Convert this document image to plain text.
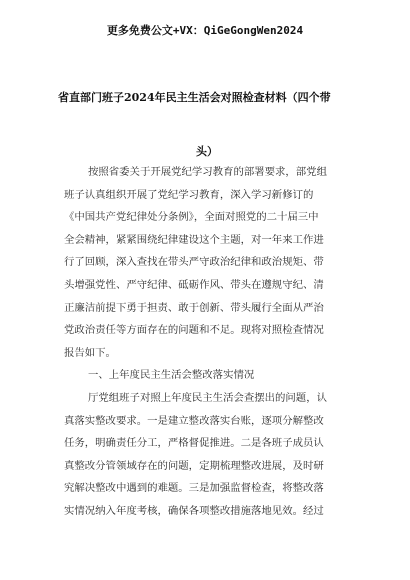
更多免费公文+VX：QiGeGongWen2024
省直部门班子2024年民主生活会对照检查材料（四个带
头）
按照省委关于开展党纪学习教育的部署要求，部党组
班子认真组织开展了党纪学习教育，深入学习新修订的
《中国共产党纪律处分条例》，全面对照党的二十届三中
全会精神，紧紧围绕纪律建设这个主题，对一年来工作进
行了回顾，深入查找在带头严守政治纪律和政治规矩、带
头增强党性、严守纪律、砥砺作风、带头在遵规守纪、清
正廉洁前提下勇于担责、敢于创新、带头履行全面从严治
党政治责任等方面存在的问题和不足。现将对照检查情况
报告如下。
一、上年度民主生活会整改落实情况
厅党组班子对照上年度民主生活会查摆出的问题，认
真落实整改要求。一是建立整改落实台账，逐项分解整改
任务，明确责任分工，严格督促推进。二是各班子成员认
真整改分管领域存在的问题，定期梳理整改进展，及时研
究解决整改中遇到的难题。三是加强监督检查，将整改落
实情况纳入年度考核，确保各项整改措施落地见效。经过
